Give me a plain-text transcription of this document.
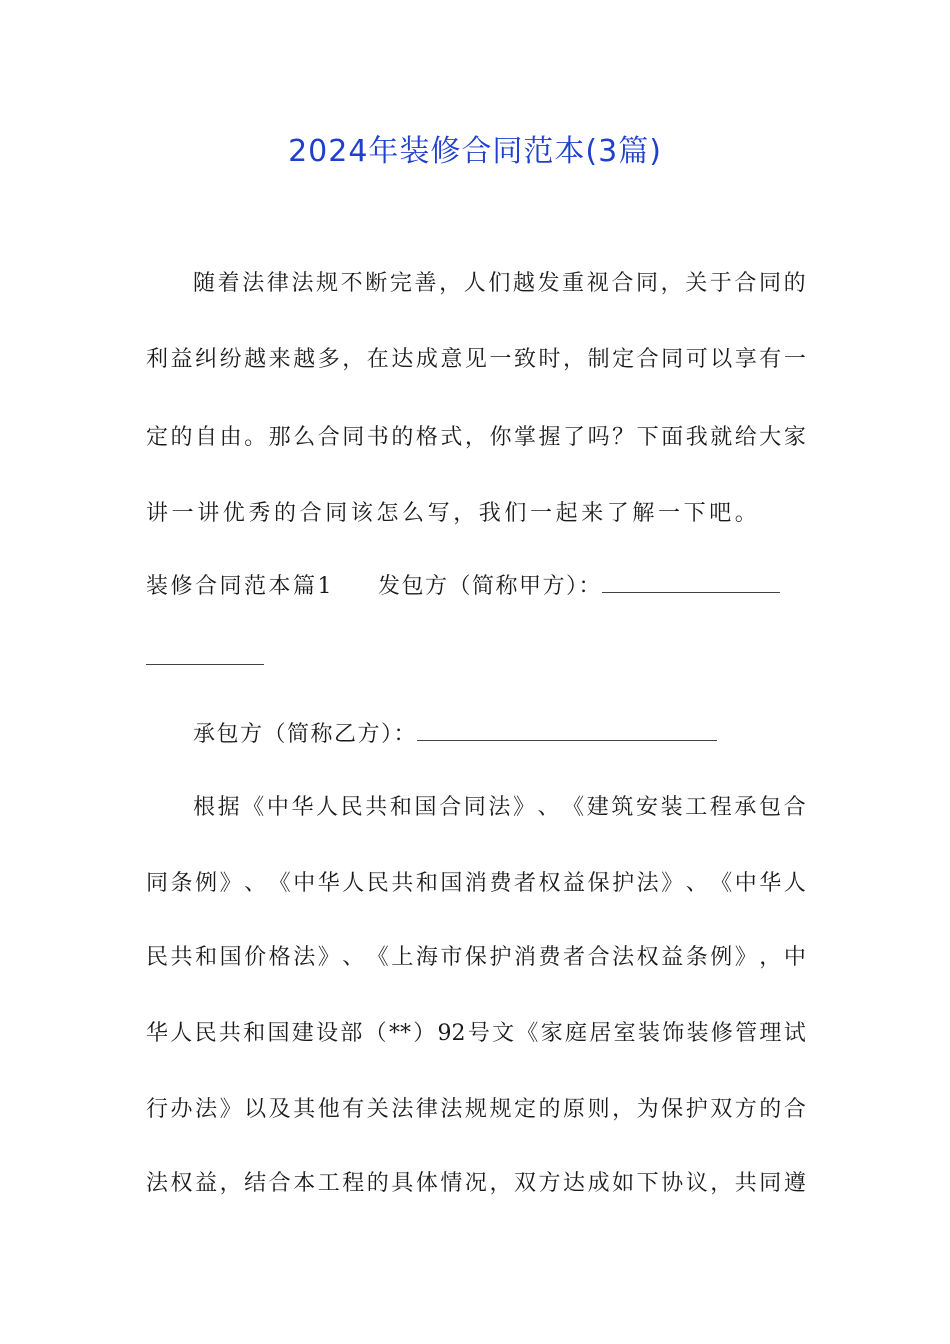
2024年装修合同范本(3篇)
随 着 法 律 法 规 不 断 完 善 ， 人 们 越 发 重 视 合 同 ， 关 于 合 同 的
利 益 纠 纷 越 来 越 多 ， 在 达 成 意 见 一 致 时 ， 制 定 合 同 可 以 享 有 一
定 的 自 由 。 那 么 合 同 书 的 格 式 ， 你 掌 握 了 吗 ？ 下 面 我 就 给 大 家
讲一讲优秀的合同该怎么写，我们一起来了解一下吧。
装修合同范本篇1 发包方（简称甲方）：
承包方（简称乙方）：
根 据 《 中 华 人 民 共 和 国 合 同 法 》 、 《 建 筑 安 装 工 程 承 包 合
同 条 例 》 、 《 中 华 人 民 共 和 国 消 费 者 权 益 保 护 法 》 、 《 中 华 人
民 共 和 国 价 格 法 》 、 《 上 海 市 保 护 消 费 者 合 法 权 益 条 例 》 ， 中
华 人 民 共 和 国 建 设 部 （ ** ） 92 号 文 《 家 庭 居 室 装 饰 装 修 管 理 试
行 办 法 》 以 及 其 他 有 关 法 律 法 规 规 定 的 原 则 ， 为 保 护 双 方 的 合
法 权 益 ， 结 合 本 工 程 的 具 体 情 况 ， 双 方 达 成 如 下 协 议 ， 共 同 遵
